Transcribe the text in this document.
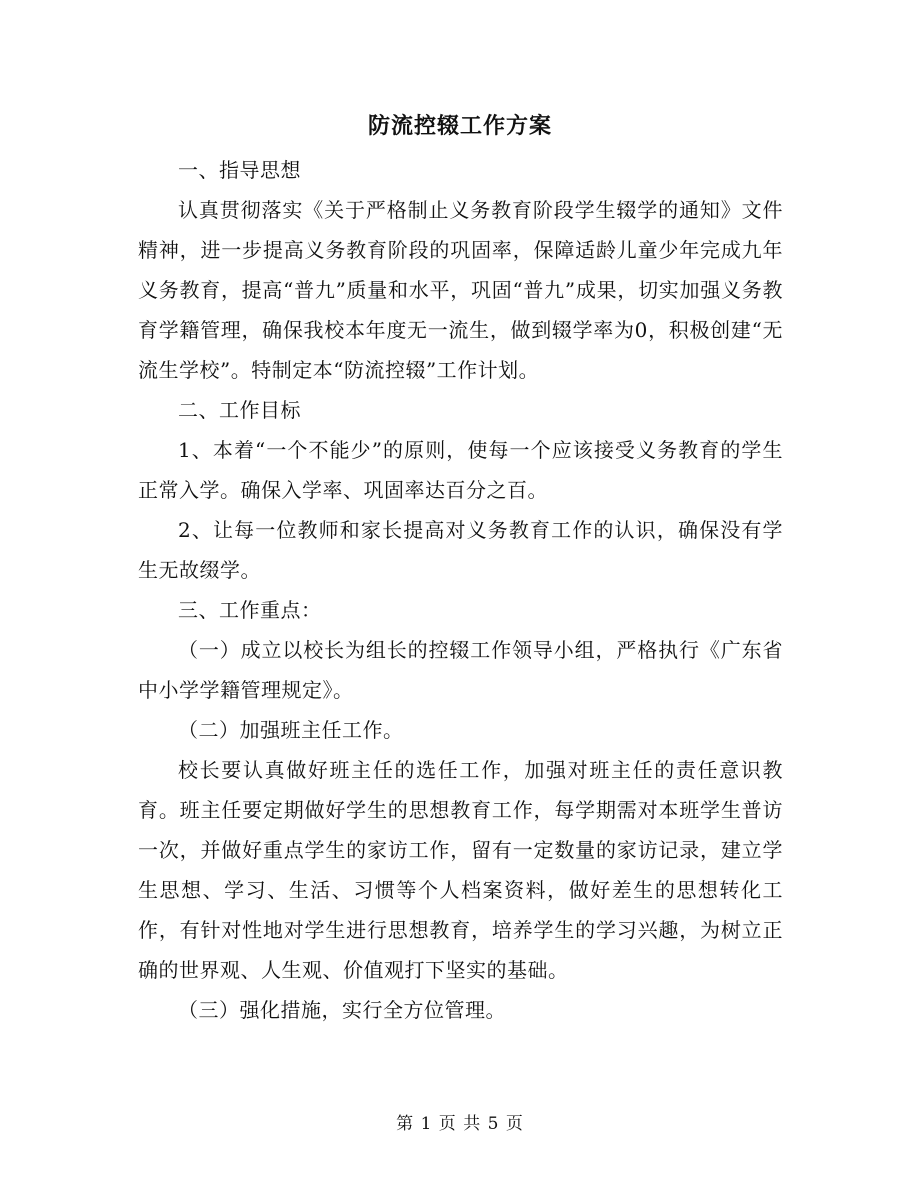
防流控辍工作方案

一、指导思想

认真贯彻落实《关于严格制止义务教育阶段学生辍学的通知》文件精神，进一步提高义务教育阶段的巩固率，保障适龄儿童少年完成九年义务教育，提高“普九”质量和水平，巩固“普九”成果，切实加强义务教育学籍管理，确保我校本年度无一流生，做到辍学率为0，积极创建“无流生学校”。特制定本“防流控辍”工作计划。

二、工作目标

1、本着“一个不能少”的原则，使每一个应该接受义务教育的学生正常入学。确保入学率、巩固率达百分之百。

2、让每一位教师和家长提高对义务教育工作的认识，确保没有学生无故缀学。

三、工作重点：

（一）成立以校长为组长的控辍工作领导小组，严格执行《广东省中小学学籍管理规定》。

（二）加强班主任工作。

校长要认真做好班主任的选任工作，加强对班主任的责任意识教育。班主任要定期做好学生的思想教育工作，每学期需对本班学生普访一次，并做好重点学生的家访工作，留有一定数量的家访记录，建立学生思想、学习、生活、习惯等个人档案资料，做好差生的思想转化工作，有针对性地对学生进行思想教育，培养学生的学习兴趣，为树立正确的世界观、人生观、价值观打下坚实的基础。

（三）强化措施，实行全方位管理。

第 1 页 共 5 页
